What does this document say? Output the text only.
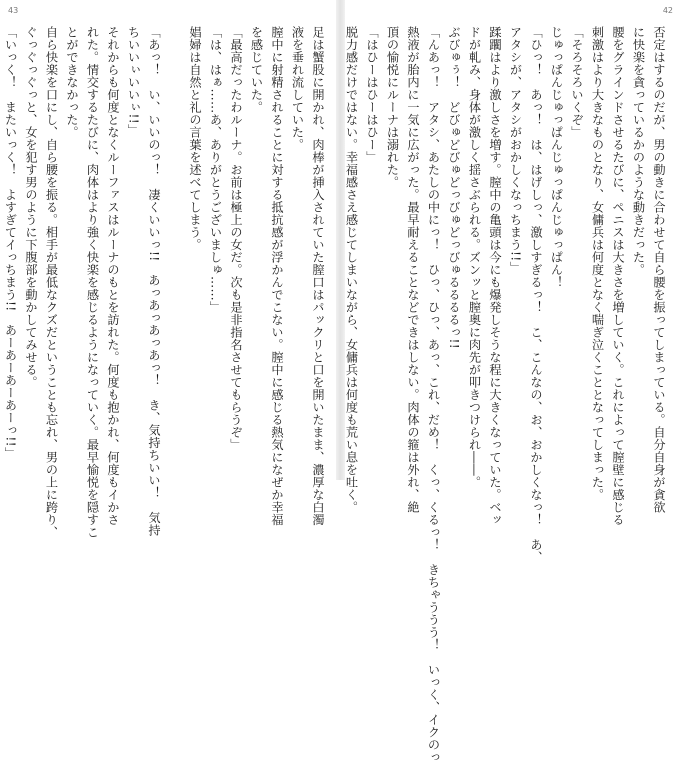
43
足は蟹股に開かれ、肉棒が挿入されていた膣口はパックリと口を開いたまま、濃厚な白濁
液を垂れ流していた。
膣中に射精されることに対する抵抗感が浮かんでこない。膣中に感じる熱気になぜか幸福
を感じていた。
「最高だったわルーナ。お前は極上の女だ。次も是非指名させてもらうぞ」
「は、はぁ……あ、ありがとうございましゅ……」
娼婦は自然と礼の言葉を述べてしまう。

「あっ！　い、いいのっ！　凄くいいっ!!　あっあっあっあっ！　き、気持ちいい！　気持
ちいいぃいいぃ!!」
それからも何度となくルーファスはルーナのもとを訪れた。何度も抱かれ、何度もイかさ
れた。情交するたびに、肉体はより強く快楽を感じるようになっていく。最早愉悦を隠すこ
とができなかった。
自ら快楽を口にし、自ら腰を振る。相手が最低なクズだということも忘れ、男の上に跨り、
ぐっぐっぐっと、女を犯す男のように下腹部を動かしてみせる。
「いっく！　またいっく！　よすぎてイっちまう!!　あーあーあーあーっ!!」
42
否定はするのだが、男の動きに合わせて自ら腰を振ってしまっている。自分自身が貪欲
に快楽を貪っているかのような動きだった。
腰をグラインドさせるたびに、ペニスは大きさを増していく。これによって膣壁に感じる
刺激はより大きなものとなり、女傭兵は何度となく喘ぎ泣くこととなってしまった。
「そろそろいくぞ」
じゅっぱんじゅっぱんじゅっぱんじゅっぱん！
「ひっ！　あっ！　は、はげしっ、激しすぎるっ！　こ、こんなの、お、おかしくなっ！　あ、
アタシが、アタシがおかしくなっちまう!!」
蹂躙はより激しさを増す。膣中の亀頭は今にも爆発しそうな程に大きくなっていた。ベッ
ドが軋み、身体が激しく揺さぶられる。ズンッと膣奥に肉先が叩きつけられ――。
ぶびゅぅ！　どびゅどびゅどっびゅどっびゅるるるるっ!!
「んあっ！　アタシ、あたしの中にっ！　ひっ、ひっ、あっ、これ、だめ！　くっ、くるっ！　きちゃううう！　いっく、イクのっ
熱液が胎内に一気に広がった。最早耐えることなどできはしない。肉体の箍は外れ、絶
頂の愉悦にルーナは溺れた。
「はひーはひーはひー」
脱力感だけではない。幸福感さえ感じてしまいながら、女傭兵は何度も荒い息を吐く。
